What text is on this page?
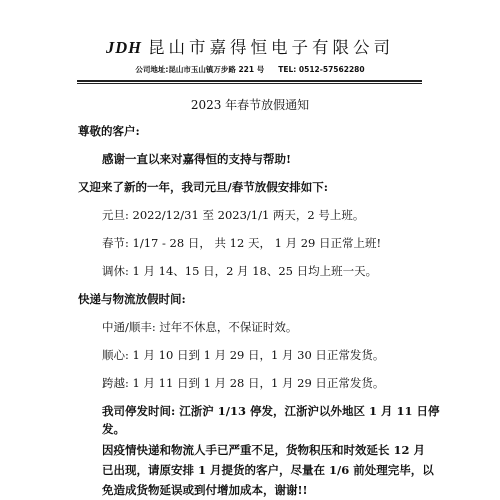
JDH 昆山市嘉得恒电子有限公司
公司地址:昆山市玉山镇万步路 221 号 TEL: 0512-57562280
2023 年春节放假通知
尊敬的客户:
感谢一直以来对嘉得恒的支持与帮助!
又迎来了新的一年，我司元旦/春节放假安排如下:
元旦: 2022/12/31 至 2023/1/1 两天，2 号上班。
春节: 1/17 - 28 日， 共 12 天， 1 月 29 日正常上班!
调休: 1 月 14、15 日，2 月 18、25 日均上班一天。
快递与物流放假时间:
中通/顺丰: 过年不休息，不保证时效。
顺心: 1 月 10 日到 1 月 29 日，1 月 30 日正常发货。
跨越: 1 月 11 日到 1 月 28 日，1 月 29 日正常发货。
我司停发时间: 江浙沪 1/13 停发，江浙沪以外地区 1 月 11 日停
发。
因疫情快递和物流人手已严重不足，货物积压和时效延长 12 月
已出现，请原安排 1 月提货的客户，尽量在 1/6 前处理完毕，以
免造成货物延误或到付增加成本，谢谢!!
